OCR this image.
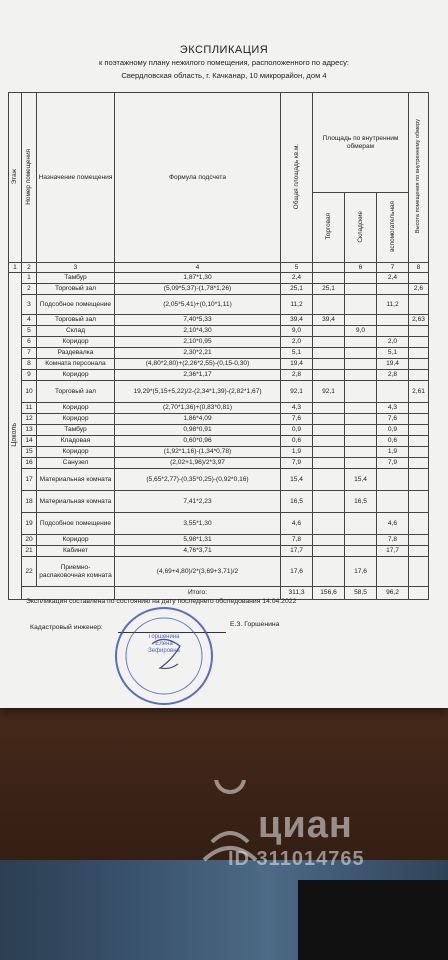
ЭКСПЛИКАЦИЯ
к поэтажному плану нежилого помещения, расположенного по адресу:
Свердловская область, г. Качканар, 10 микрорайон, дом 4
Этаж	Номер помещения	Назначение помещения	Формула подсчета	Общая площадь кв.м.	Площадь по внутренним обмерам			Высота помещения по внутреннему обмеру
					Торговая	Складские	вспомогательная	
1	2	3	4	5		6	7	8
Цоколь	1	Тамбур	1,87*1,30	2,4			2,4	
	2	Торговый зал	(5,09*5,37)-(1,78*1,26)	25,1	25,1			2,6
	3	Подсобное помещение	(2,05*5,41)+(0,10*1,11)	11,2			11,2	
	4	Торговый зал	7,40*5,33	39,4	39,4			2,63
	5	Склад	2,10*4,30	9,0		9,0		
	6	Коридор	2,10*0,95	2,0			2,0	
	7	Раздевалка	2,30*2,21	5,1			5,1	
	8	Комната персонала	(4,80*2,80)+(2,26*2,55)-(0,15-0,30)	19,4			19,4	
	9	Коридор	2,36*1,17	2,8			2,8	
	10	Торговый зал	19,29*(5,15+5,22)/2-(2,34*1,39)-(2,82*1,67)	92,1	92,1			2,61
	11	Коридор	(2,70*1,36)+(0,83*0,81)	4,3			4,3	
	12	Коридор	1,86*4,09	7,6			7,6	
	13	Тамбур	0,98*0,91	0,9			0,9	
	14	Кладовая	0,60*0,96	0,6			0,6	
	15	Коридор	(1,92*1,16)-(1,34*0,78)	1,9			1,9	
	16	Санузел	(2,02+1,96)/2*3,97	7,9			7,9	
	17	Материальная комната	(5,65*2,77)-(0,35*0,25)-(0,92*0,16)	15,4		15,4		
	18	Материальная комната	7,41*2,23	16,5		16,5		
	19	Подсобное помещение	3,55*1,30	4,6			4,6	
	20	Коридор	5,98*1,31	7,8			7,8	
	21	Кабинет	4,76*3,71	17,7			17,7	
	22	Приемно-распаковочная комната	(4,69+4,80)/2*(3,69+3,71)/2	17,6		17,6		
			Итого:	311,3	156,6	58,5	96,2	
Экспликация составлена по состоянию на дату последнего обследования 14.04.2022
Кадастровый инженер:	Е.З. Горшенина
Горшенина
Елена
Зефировна
циан
ID 311014765
